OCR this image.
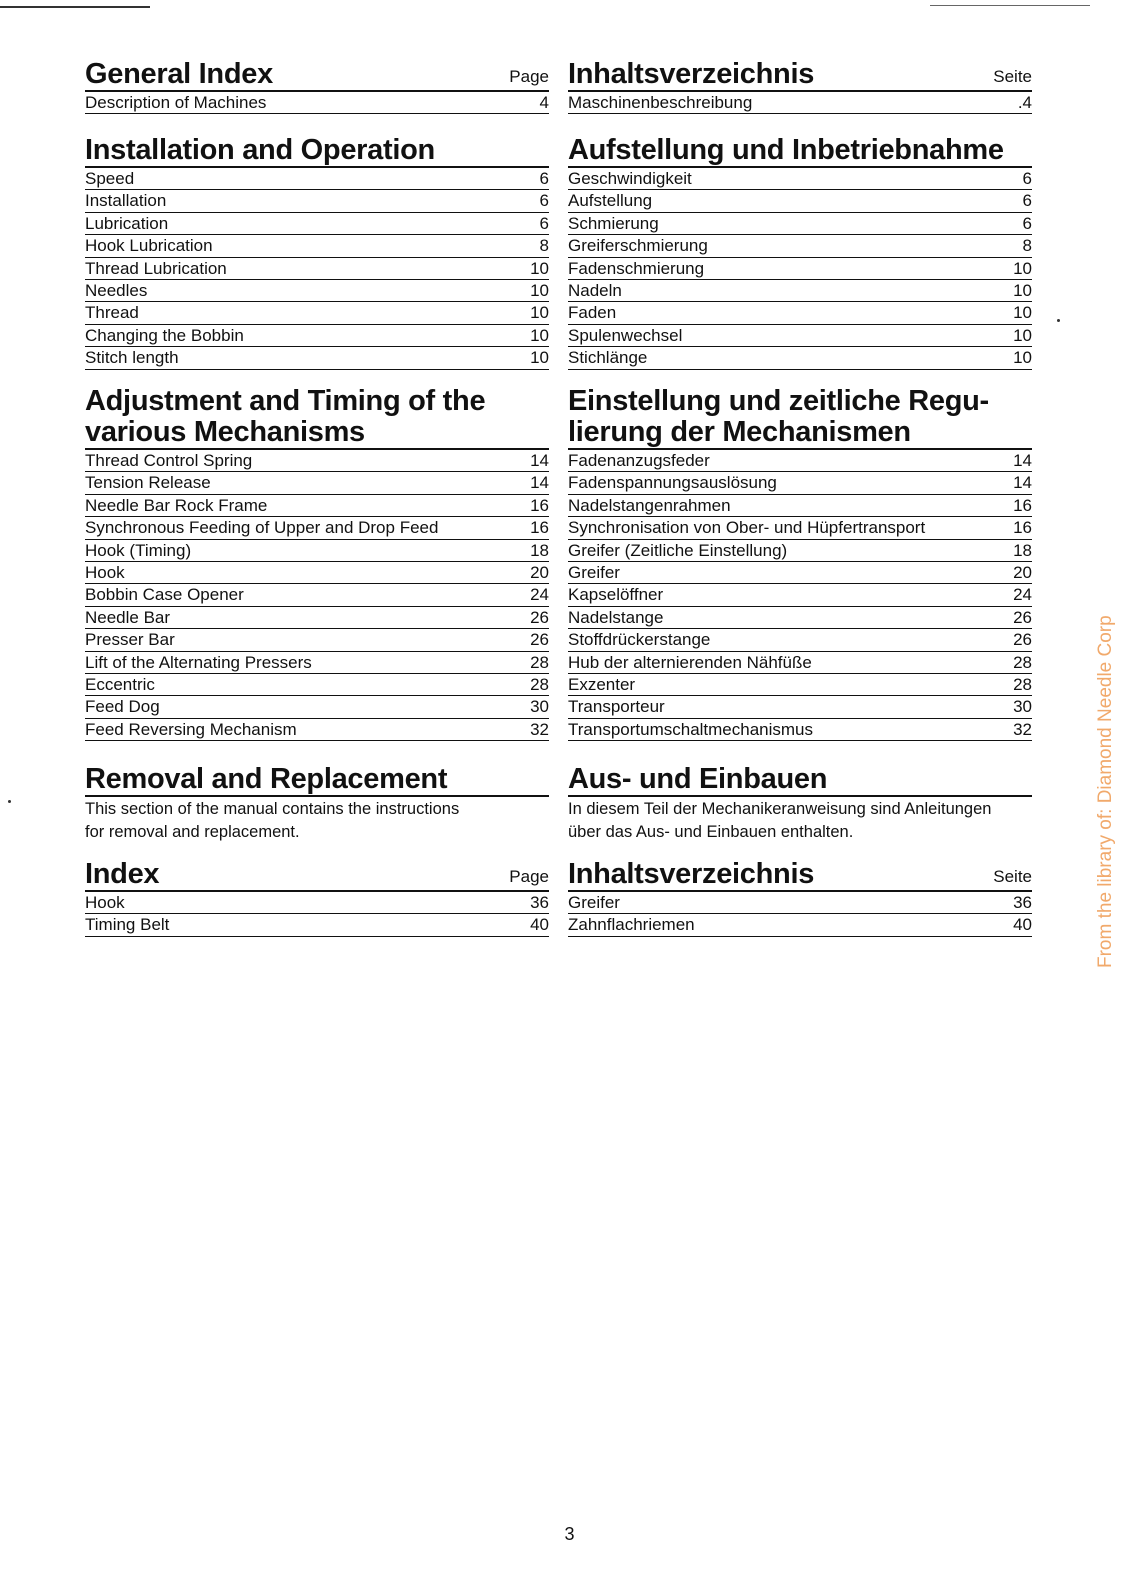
General Index	Page
Description of Machines	4
Installation and Operation
Speed	6
Installation	6
Lubrication	6
Hook Lubrication	8
Thread Lubrication	10
Needles	10
Thread	10
Changing the Bobbin	10
Stitch length	10
Adjustment and Timing of the
various Mechanisms
Thread Control Spring	14
Tension Release	14
Needle Bar Rock Frame	16
Synchronous Feeding of Upper and Drop Feed	16
Hook (Timing)	18
Hook	20
Bobbin Case Opener	24
Needle Bar	26
Presser Bar	26
Lift of the Alternating Pressers	28
Eccentric	28
Feed Dog	30
Feed Reversing Mechanism	32
Removal and Replacement
This section of the manual contains the instructions
for removal and replacement.
Index	Page
Hook	36
Timing Belt	40
Inhaltsverzeichnis	Seite
Maschinenbeschreibung	.4
Aufstellung und Inbetriebnahme
Geschwindigkeit	6
Aufstellung	6
Schmierung	6
Greiferschmierung	8
Fadenschmierung	10
Nadeln	10
Faden	10
Spulenwechsel	10
Stichlänge	10
Einstellung und zeitliche Regu-
lierung der Mechanismen
Fadenanzugsfeder	14
Fadenspannungsauslösung	14
Nadelstangenrahmen	16
Synchronisation von Ober- und Hüpfertransport	16
Greifer (Zeitliche Einstellung)	18
Greifer	20
Kapselöffner	24
Nadelstange	26
Stoffdrückerstange	26
Hub der alternierenden Nähfüße	28
Exzenter	28
Transporteur	30
Transportumschaltmechanismus	32
Aus- und Einbauen
In diesem Teil der Mechanikeranweisung sind Anleitungen
über das Aus- und Einbauen enthalten.
Inhaltsverzeichnis	Seite
Greifer	36
Zahnflachriemen	40	From the library of: Diamond Needle Corp
3
